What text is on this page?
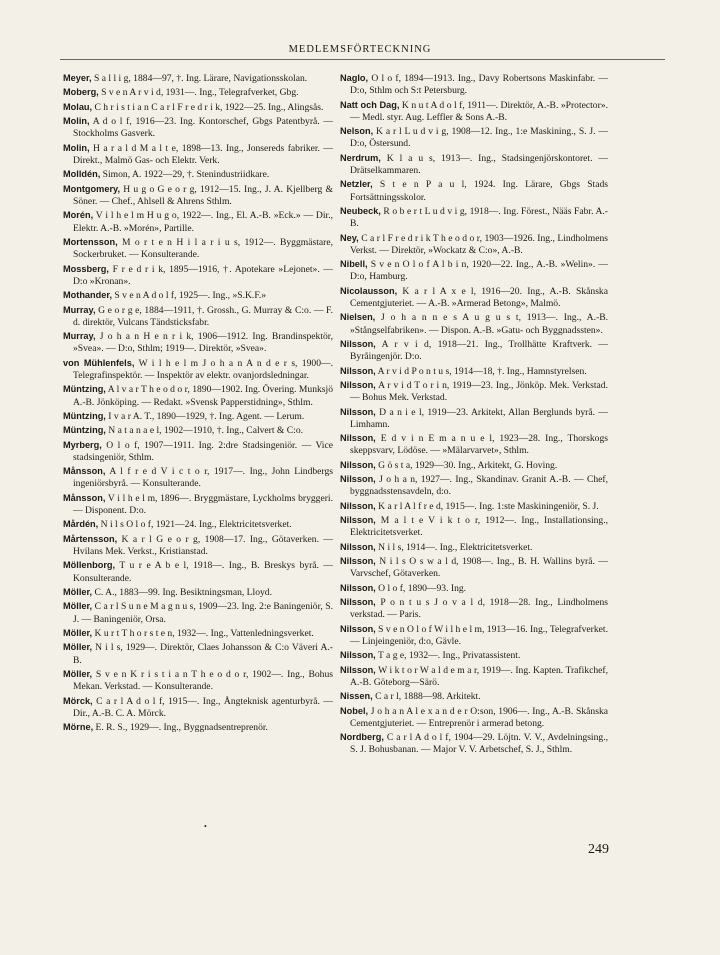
MEDLEMSFÖRTECKNING

Meyer, S a l l i g, 1884—97, †. Ing. Lärare, Navigationsskolan.

Moberg, S v e n A r v i d, 1931—. Ing., Telegrafverket, Gbg.

Molau, C h r i s t i a n C a r l F r e d r i k, 1922—25. Ing., Alingsås.

Molin, A d o l f, 1916—23. Ing. Kontorschef, Gbgs Patentbyrå. — Stockholms Gasverk.

Molin, H a r a l d M a l t e, 1898—13. Ing., Jonsereds fabriker. — Direkt., Malmö Gas- och Elektr. Verk.

Molldén, Simon, A. 1922—29, †. Stenindustriidkare.

Montgomery, H u g o G e o r g, 1912—15. Ing., J. A. Kjellberg & Söner. — Chef., Ahlsell & Ahrens Sthlm.

Morén, V i l h e l m H u g o, 1922—. Ing., El. A.-B. »Eck.» — Dir., Elektr. A.-B. »Morén», Partille.

Mortensson, M o r t e n H i l a r i u s, 1912—. Byggmästare, Sockerbruket. — Konsulterande.

Mossberg, F r e d r i k, 1895—1916, †. Apotekare »Lejonet». — D:o »Kronan».

Mothander, S v e n A d o l f, 1925—. Ing., »S.K.F.»

Murray, G e o r g e, 1884—1911, †. Grossh., G. Murray & C:o. — F. d. direktör, Vulcans Tändsticksfabr.

Murray, J o h a n H e n r i k, 1906—1912. Ing. Brandinspektör, »Svea». — D:o, Sthlm; 1919—. Direktör, »Svea».

von Mühlenfels, W i l h e l m J o h a n A n d e r s, 1900—. Telegrafinspektör. — Inspektör av elektr. ovanjordsledningar.

Müntzing, A l v a r T h e o d o r, 1890—1902. Ing. Övering. Munksjö A.-B. Jönköping. — Redakt. »Svensk Papperstidning», Sthlm.

Müntzing, I v a r A. T., 1890—1929, †. Ing. Agent. — Lerum.

Müntzing, N a t a n a e l, 1902—1910, †. Ing., Calvert & C:o.

Myrberg, O l o f, 1907—1911. Ing. 2:dre Stadsingeniör. — Vice stadsingeniör, Sthlm.

Månsson, A l f r e d V i c t o r, 1917—. Ing., John Lindbergs ingeniörsbyrå. — Konsulterande.

Månsson, V i l h e l m, 1896—. Bryggmästare, Lyckholms bryggeri. — Disponent. D:o.

Mårdén, N i l s O l o f, 1921—24. Ing., Elektricitetsverket.

Mårtensson, K a r l G e o r g, 1908—17. Ing., Götaverken. — Hvilans Mek. Verkst., Kristianstad.

Möllenborg, T u r e A b e l, 1918—. Ing., B. Breskys byrå. — Konsulterande.

Möller, C. A., 1883—99. Ing. Besiktningsman, Lloyd.

Möller, C a r l S u n e M a g n u s, 1909—23. Ing. 2:e Baningeniör, S. J. — Baningeniör, Orsa.

Möller, K u r t T h o r s t e n, 1932—. Ing., Vattenledningsverket.

Möller, N i l s, 1929—. Direktör, Claes Johansson & C:o Väveri A.-B.

Möller, S v e n K r i s t i a n T h e o d o r, 1902—. Ing., Bohus Mekan. Verkstad. — Konsulterande.

Mörck, C a r l A d o l f, 1915—. Ing., Ångteknisk agenturbyrå. — Dir., A.-B. C. A. Mörck.

Mörne, E. R. S., 1929—. Ing., Byggnadsentreprenör.

Naglo, O l o f, 1894—1913. Ing., Davy Robertsons Maskinfabr. — D:o, Sthlm och S:t Petersburg.

Natt och Dag, K n u t A d o l f, 1911—. Direktör, A.-B. »Protector». — Medl. styr. Aug. Leffler & Sons A.-B.

Nelson, K a r l L u d v i g, 1908—12. Ing., 1:e Maskining., S. J. — D:o, Östersund.

Nerdrum, K l a u s, 1913—. Ing., Stadsingenjörskontoret. — Drätselkammaren.

Netzler, S t e n P a u l, 1924. Ing. Lärare, Gbgs Stads Fortsättningsskolor.

Neubeck, R o b e r t L u d v i g, 1918—. Ing. Förest., Nääs Fabr. A.-B.

Ney, C a r l F r e d r i k T h e o d o r, 1903—1926. Ing., Lindholmens Verkst. — Direktör, »Wockatz & C:o», A.-B.

Nibell, S v e n O l o f A l b i n, 1920—22. Ing., A.-B. »Welin». — D:o, Hamburg.

Nicolausson, K a r l A x e l, 1916—20. Ing., A.-B. Skånska Cementgjuteriet. — A.-B. »Armerad Betong», Malmö.

Nielsen, J o h a n n e s A u g u s t, 1913—. Ing., A.-B. »Stångselfabriken». — Dispon. A.-B. »Gatu- och Byggnadssten».

Nilsson, A r v i d, 1918—21. Ing., Trollhätte Kraftverk. — Byråingenjör. D:o.

Nilsson, A r v i d P o n t u s, 1914—18, †. Ing., Hamnstyrelsen.

Nilsson, A r v i d T o r i n, 1919—23. Ing., Jönköp. Mek. Verkstad. — Bohus Mek. Verkstad.

Nilsson, D a n i e l, 1919—23. Arkitekt, Allan Berglunds byrå. — Limhamn.

Nilsson, E d v i n E m a n u e l, 1923—28. Ing., Thorskogs skeppsvarv, Lödöse. — »Mälarvarvet», Sthlm.

Nilsson, G ö s t a, 1929—30. Ing., Arkitekt, G. Hoving.

Nilsson, J o h a n, 1927—. Ing., Skandinav. Granit A.-B. — Chef, byggnadsstensavdeln, d:o.

Nilsson, K a r l A l f r e d, 1915—. Ing. 1:ste Maskiningeniör, S. J.

Nilsson, M a l t e V i k t o r, 1912—. Ing., Installationsing., Elektricitetsverket.

Nilsson, N i l s, 1914—. Ing., Elektricitetsverket.

Nilsson, N i l s O s w a l d, 1908—. Ing., B. H. Wallins byrå. — Varvschef, Götaverken.

Nilsson, O l o f, 1890—93. Ing.

Nilsson, P o n t u s J o v a l d, 1918—28. Ing., Lindholmens verkstad. — Paris.

Nilsson, S v e n O l o f W i l h e l m, 1913—16. Ing., Telegrafverket. — Linjeingeniör, d:o, Gävle.

Nilsson, T a g e, 1932—. Ing., Privatassistent.

Nilsson, W i k t o r W a l d e m a r, 1919—. Ing. Kapten. Trafikchef, A.-B. Göteborg—Särö.

Nissen, C a r l, 1888—98. Arkitekt.

Nobel, J o h a n A l e x a n d e r O:son, 1906—. Ing., A.-B. Skånska Cementgjuteriet. — Entreprenör i armerad betong.

Nordberg, C a r l A d o l f, 1904—29. Löjtn. V. V., Avdelningsing., S. J. Bohusbanan. — Major V. V. Arbetschef, S. J., Sthlm.

•
249
